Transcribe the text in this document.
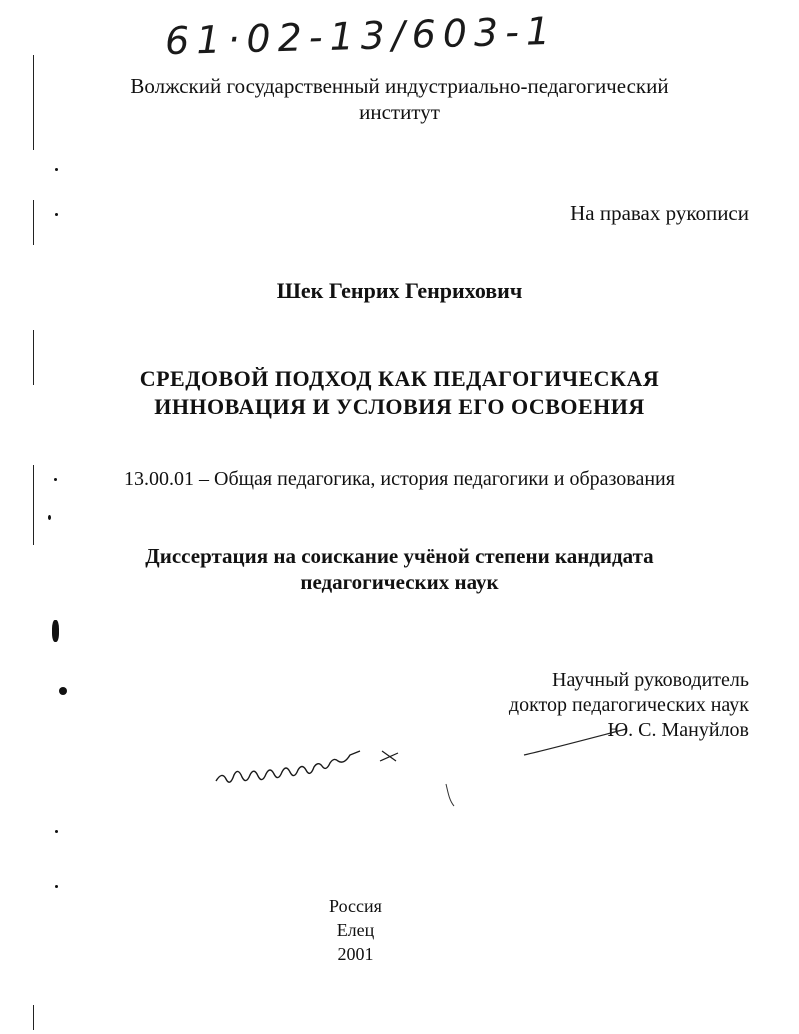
61·02-13/603-1
Волжский государственный индустриально-педагогический
институт
На правах рукописи
Шек Генрих Генрихович
СРЕДОВОЙ ПОДХОД КАК ПЕДАГОГИЧЕСКАЯ
ИННОВАЦИЯ И УСЛОВИЯ ЕГО ОСВОЕНИЯ
13.00.01 – Общая педагогика, история педагогики и образования
Диссертация на соискание учёной степени кандидата
педагогических наук
Научный руководитель
доктор педагогических наук
Ю. С. Мануйлов
Россия
Елец
2001
